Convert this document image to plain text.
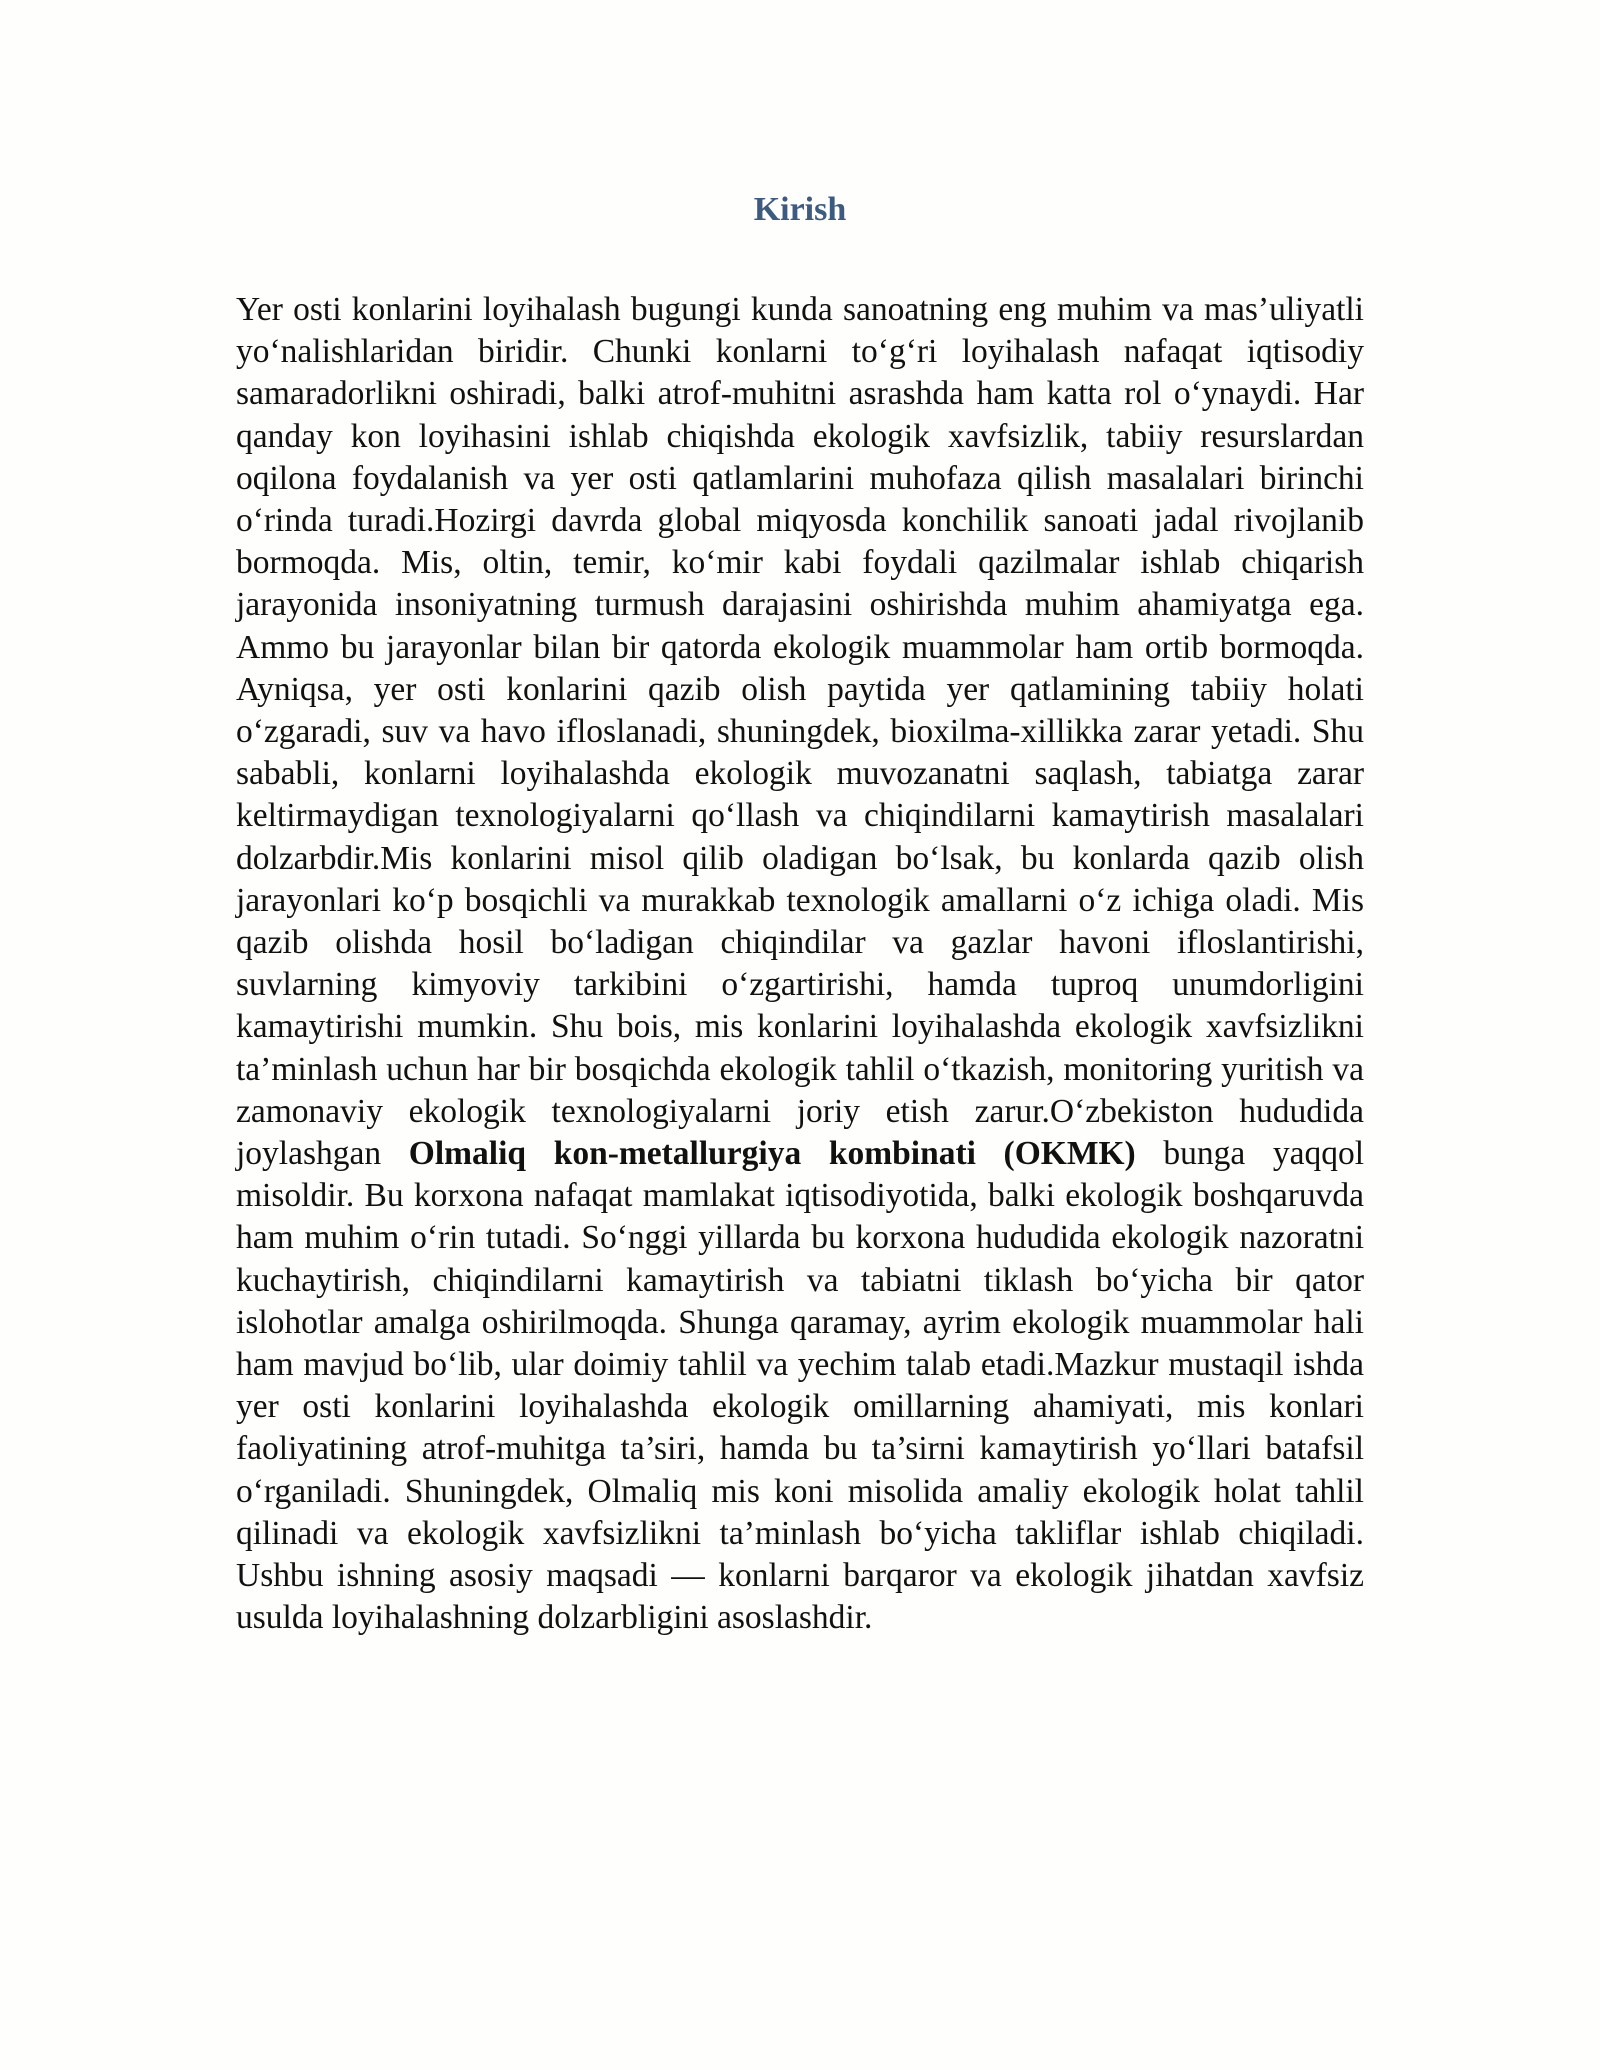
Kirish

Yer osti konlarini loyihalash bugungi kunda sanoatning eng muhim va mas’uliyatli yo‘nalishlaridan biridir. Chunki konlarni to‘g‘ri loyihalash nafaqat iqtisodiy samaradorlikni oshiradi, balki atrof-muhitni asrashda ham katta rol o‘ynaydi. Har qanday kon loyihasini ishlab chiqishda ekologik xavfsizlik, tabiiy resurslardan oqilona foydalanish va yer osti qatlamlarini muhofaza qilish masalalari birinchi o‘rinda turadi.Hozirgi davrda global miqyosda konchilik sanoati jadal rivojlanib bormoqda. Mis, oltin, temir, ko‘mir kabi foydali qazilmalar ishlab chiqarish jarayonida insoniyatning turmush darajasini oshirishda muhim ahamiyatga ega. Ammo bu jarayonlar bilan bir qatorda ekologik muammolar ham ortib bormoqda. Ayniqsa, yer osti konlarini qazib olish paytida yer qatlamining tabiiy holati o‘zgaradi, suv va havo ifloslanadi, shuningdek, bioxilma-xillikka zarar yetadi. Shu sababli, konlarni loyihalashda ekologik muvozanatni saqlash, tabiatga zarar keltirmaydigan texnologiyalarni qo‘llash va chiqindilarni kamaytirish masalalari dolzarbdir.Mis konlarini misol qilib oladigan bo‘lsak, bu konlarda qazib olish jarayonlari ko‘p bosqichli va murakkab texnologik amallarni o‘z ichiga oladi. Mis qazib olishda hosil bo‘ladigan chiqindilar va gazlar havoni ifloslantirishi, suvlarning kimyoviy tarkibini o‘zgartirishi, hamda tuproq unumdorligini kamaytirishi mumkin. Shu bois, mis konlarini loyihalashda ekologik xavfsizlikni ta’minlash uchun har bir bosqichda ekologik tahlil o‘tkazish, monitoring yuritish va zamonaviy ekologik texnologiyalarni joriy etish zarur.O‘zbekiston hududida joylashgan Olmaliq kon-metallurgiya kombinati (OKMK) bunga yaqqol misoldir. Bu korxona nafaqat mamlakat iqtisodiyotida, balki ekologik boshqaruvda ham muhim o‘rin tutadi. So‘nggi yillarda bu korxona hududida ekologik nazoratni kuchaytirish, chiqindilarni kamaytirish va tabiatni tiklash bo‘yicha bir qator islohotlar amalga oshirilmoqda. Shunga qaramay, ayrim ekologik muammolar hali ham mavjud bo‘lib, ular doimiy tahlil va yechim talab etadi.Mazkur mustaqil ishda yer osti konlarini loyihalashda ekologik omillarning ahamiyati, mis konlari faoliyatining atrof-muhitga ta’siri, hamda bu ta’sirni kamaytirish yo‘llari batafsil o‘rganiladi. Shuningdek, Olmaliq mis koni misolida amaliy ekologik holat tahlil qilinadi va ekologik xavfsizlikni ta’minlash bo‘yicha takliflar ishlab chiqiladi. Ushbu ishning asosiy maqsadi — konlarni barqaror va ekologik jihatdan xavfsiz usulda loyihalashning dolzarbligini asoslashdir.
